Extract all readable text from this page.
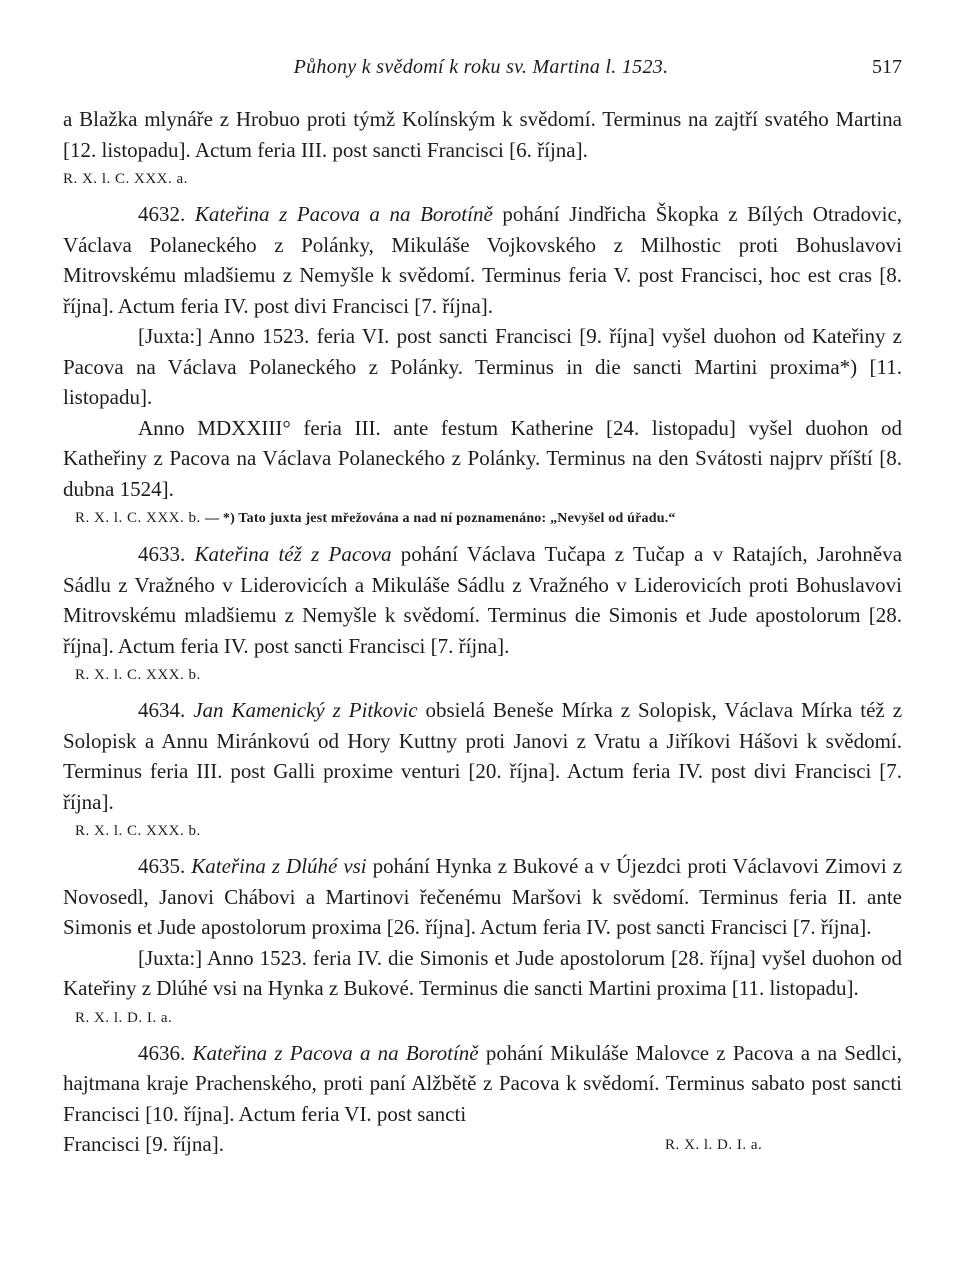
Půhony k svědomí k roku sv. Martina l. 1523.	517

a Blažka mlynáře z Hrobuo proti týmž Kolínským k svědomí. Terminus na zajtří svatého Martina [12. listopadu]. Actum feria III. post sancti Francisci [6. října].

R. X. l. C. XXX. a.

4632. Kateřina z Pacova a na Borotíně pohání Jindřicha Škopka z Bílých Otradovic, Václava Polaneckého z Polánky, Mikuláše Vojkovského z Milhostic proti Bohuslavovi Mitrovskému mladšiemu z Nemyšle k svědomí. Terminus feria V. post Francisci, hoc est cras [8. října]. Actum feria IV. post divi Francisci [7. října].

[Juxta:] Anno 1523. feria VI. post sancti Francisci [9. října] vyšel duohon od Kateřiny z Pacova na Václava Polaneckého z Polánky. Terminus in die sancti Martini proxima*) [11. listopadu].

Anno MDXXIII° feria III. ante festum Katherine [24. listopadu] vyšel duohon od Katheřiny z Pacova na Václava Polaneckého z Polánky. Terminus na den Svátosti najprv příští [8. dubna 1524].

R. X. l. C. XXX. b. — *) Tato juxta jest mřežována a nad ní poznamenáno: „Nevyšel od úřadu.“

4633. Kateřina též z Pacova pohání Václava Tučapa z Tučap a v Ratajích, Jarohněva Sádlu z Vražného v Liderovicích a Mikuláše Sádlu z Vražného v Liderovicích proti Bohuslavovi Mitrovskému mladšiemu z Nemyšle k svědomí. Terminus die Simonis et Jude apostolorum [28. října]. Actum feria IV. post sancti Francisci [7. října].

R. X. l. C. XXX. b.

4634. Jan Kamenický z Pitkovic obsielá Beneše Mírka z Solopisk, Václava Mírka též z Solopisk a Annu Miránkovú od Hory Kuttny proti Janovi z Vratu a Jiříkovi Hášovi k svědomí. Terminus feria III. post Galli proxime venturi [20. října]. Actum feria IV. post divi Francisci [7. října].

R. X. l. C. XXX. b.

4635. Kateřina z Dlúhé vsi pohání Hynka z Bukové a v Újezdci proti Václavovi Zimovi z Novosedl, Janovi Chábovi a Martinovi řečenému Maršovi k svědomí. Terminus feria II. ante Simonis et Jude apostolorum proxima [26. října]. Actum feria IV. post sancti Francisci [7. října].

[Juxta:] Anno 1523. feria IV. die Simonis et Jude apostolorum [28. října] vyšel duohon od Kateřiny z Dlúhé vsi na Hynka z Bukové. Terminus die sancti Martini proxima [11. listopadu].

R. X. l. D. I. a.

4636. Kateřina z Pacova a na Borotíně pohání Mikuláše Malovce z Pacova a na Sedlci, hajtmana kraje Prachenského, proti paní Alžbětě z Pacova k svědomí. Terminus sabato post sancti Francisci [10. října]. Actum feria VI. post sancti

Francisci [9. října].	R. X. l. D. I. a.
